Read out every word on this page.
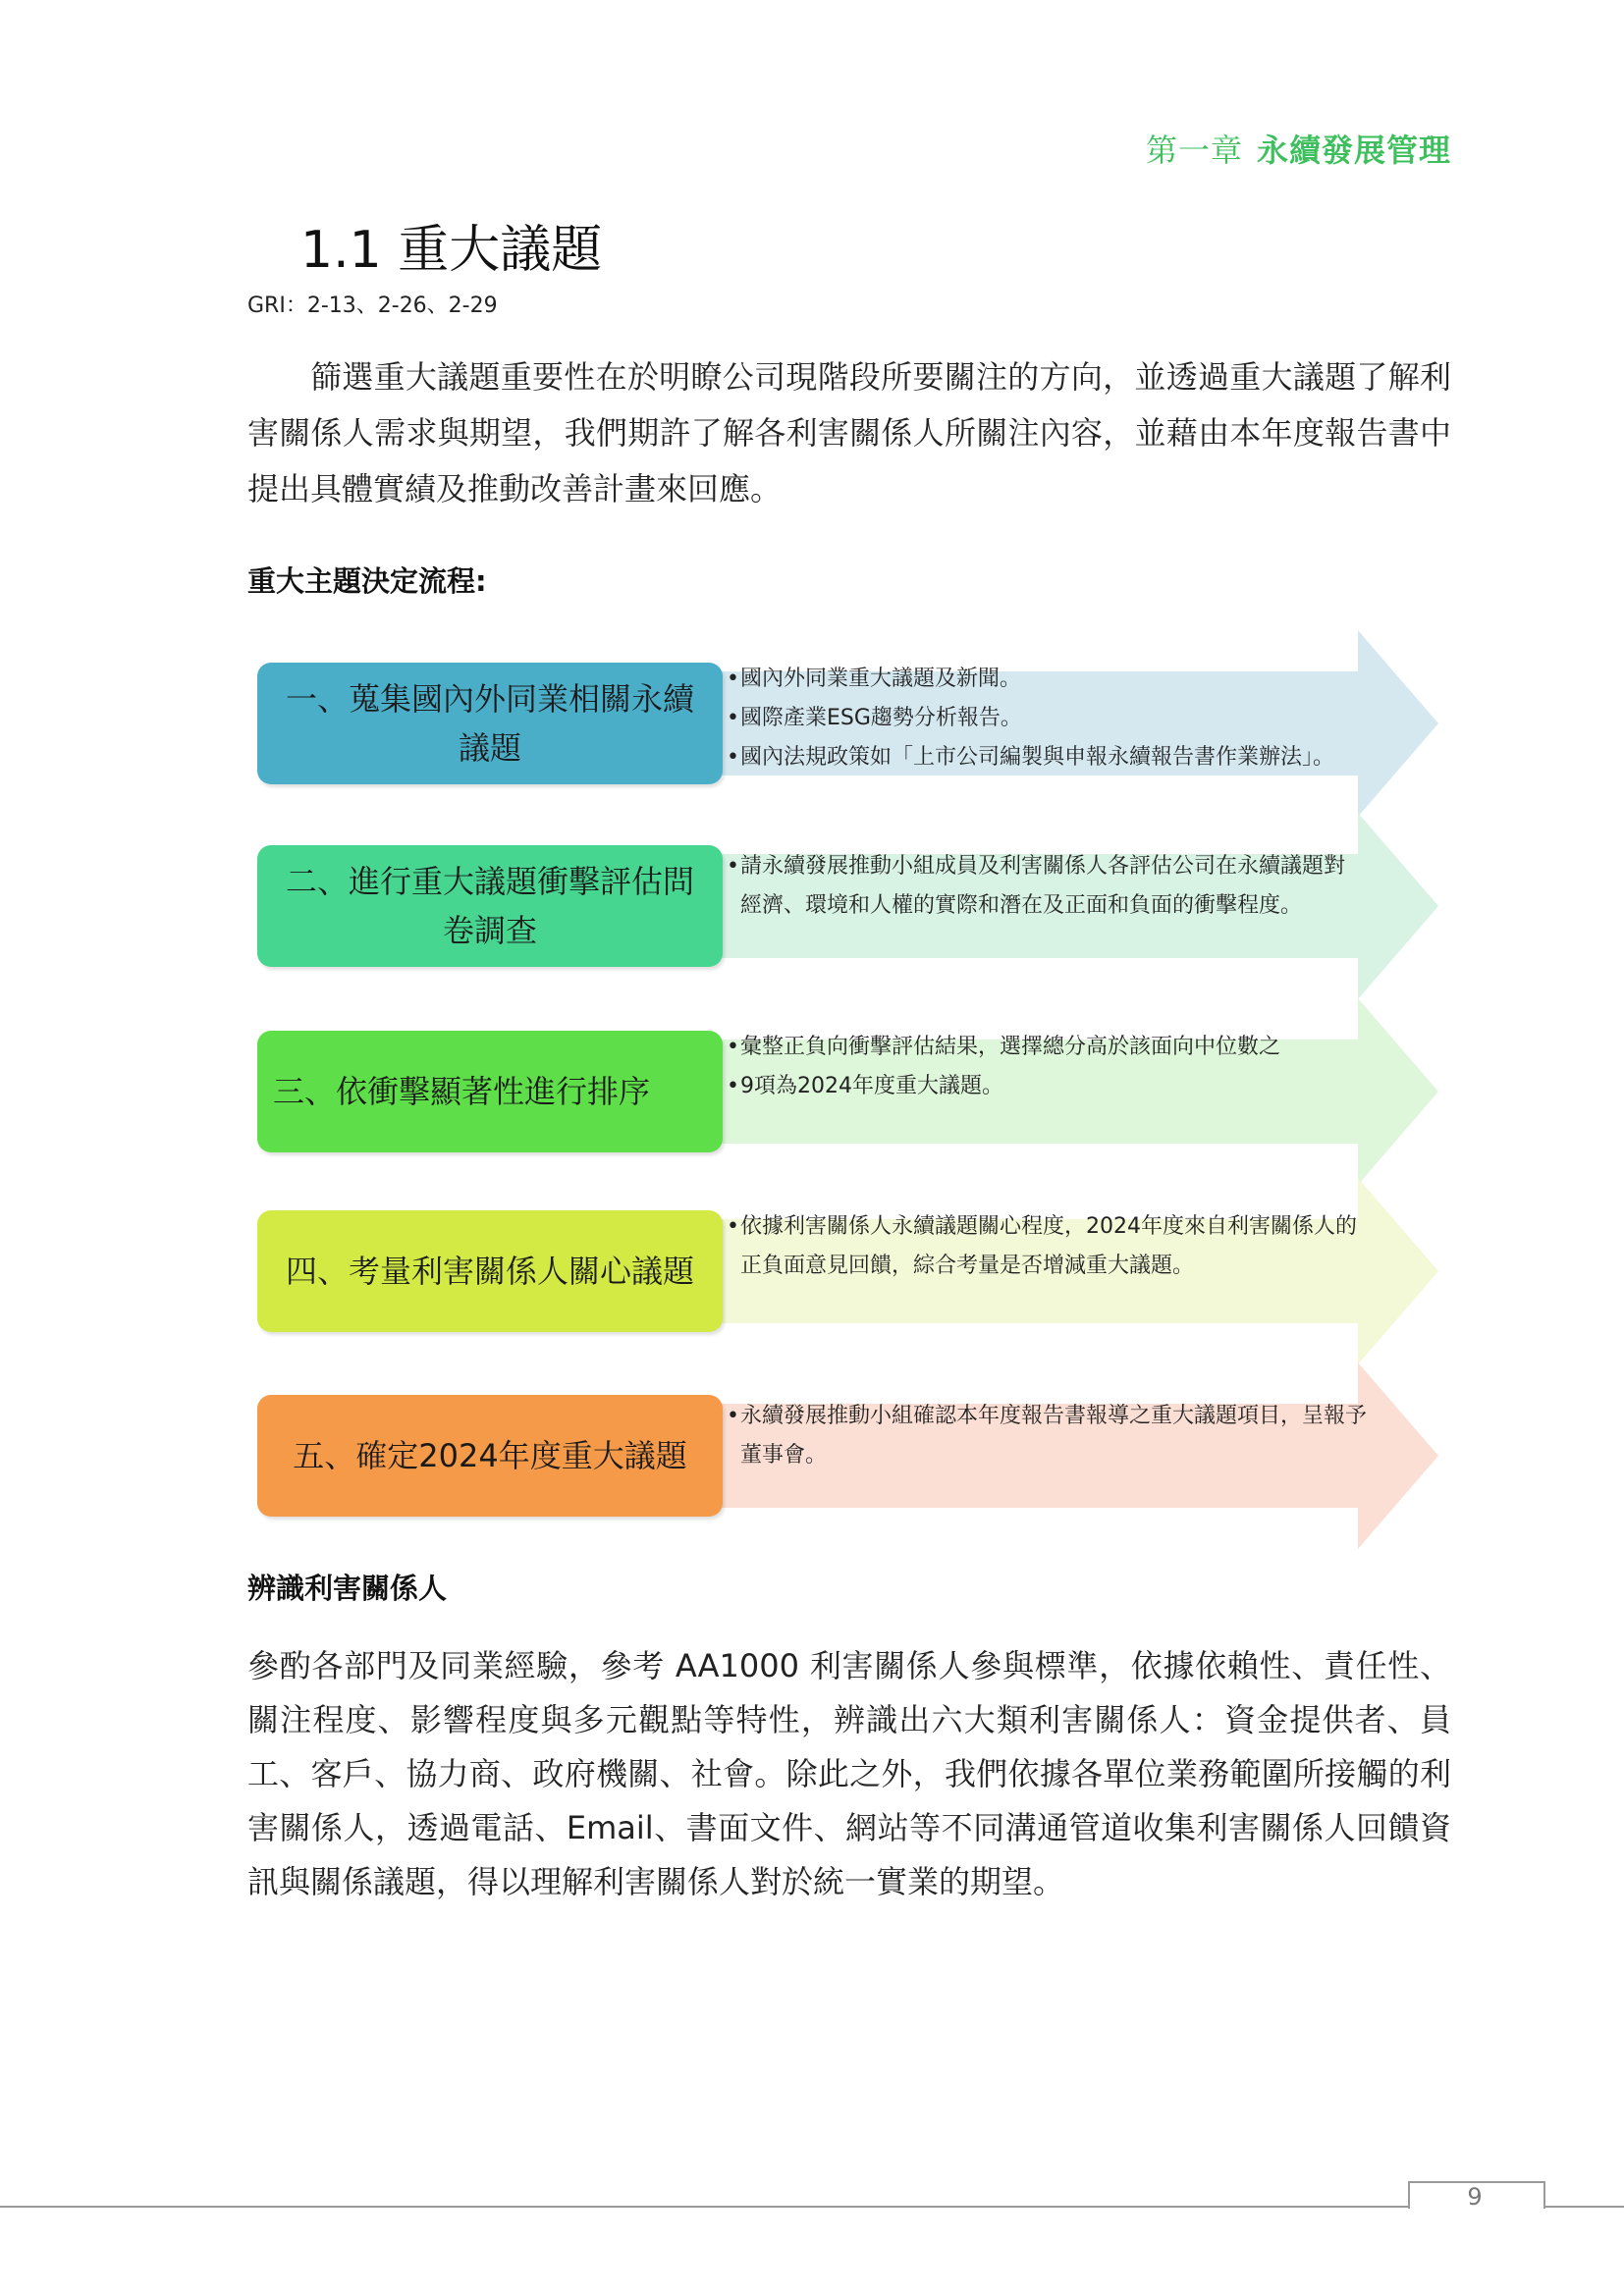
第一章 永續發展管理
1.1 重大議題
GRI：2-13、2-26、2-29
篩選重大議題重要性在於明瞭公司現階段所要關注的方向，並透過重大議題了解利害關係人需求與期望，我們期許了解各利害關係人所關注內容，並藉由本年度報告書中提出具體實績及推動改善計畫來回應。
重大主題決定流程:
一、蒐集國內外同業相關永續議題
• 國內外同業重大議題及新聞。
• 國際產業ESG趨勢分析報告。
• 國內法規政策如「上市公司編製與申報永續報告書作業辦法」。
二、進行重大議題衝擊評估問卷調查
• 請永續發展推動小組成員及利害關係人各評估公司在永續議題對經濟、環境和人權的實際和潛在及正面和負面的衝擊程度。
三、依衝擊顯著性進行排序
• 彙整正負向衝擊評估結果，選擇總分高於該面向中位數之
• 9項為2024年度重大議題。
四、考量利害關係人關心議題
• 依據利害關係人永續議題關心程度，2024年度來自利害關係人的正負面意見回饋，綜合考量是否增減重大議題。
五、確定2024年度重大議題
• 永續發展推動小組確認本年度報告書報導之重大議題項目，呈報予董事會。
辨識利害關係人
參酌各部門及同業經驗，參考 AA1000 利害關係人參與標準，依據依賴性、責任性、關注程度、影響程度與多元觀點等特性，辨識出六大類利害關係人：資金提供者、員工、客戶、協力商、政府機關、社會。除此之外，我們依據各單位業務範圍所接觸的利害關係人，透過電話、Email、書面文件、網站等不同溝通管道收集利害關係人回饋資訊與關係議題，得以理解利害關係人對於統一實業的期望。
9
